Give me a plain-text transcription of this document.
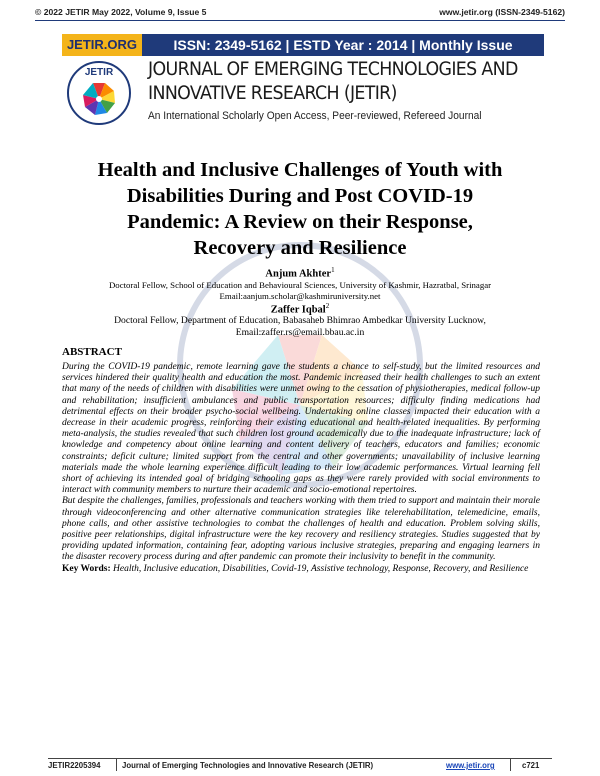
© 2022 JETIR May 2022, Volume 9, Issue 5	www.jetir.org (ISSN-2349-5162)
JETIR.ORG	ISSN: 2349-5162 | ESTD Year : 2014 | Monthly Issue
JETIR JOURNAL OF EMERGING TECHNOLOGIES AND
INNOVATIVE RESEARCH (JETIR)
An International Scholarly Open Access, Peer-reviewed, Refereed Journal
Health and Inclusive Challenges of Youth with
Disabilities During and Post COVID-19
Pandemic: A Review on their Response,
Recovery and Resilience
Anjum Akhter$^1$
Doctoral Fellow, School of Education and Behavioural Sciences, University of Kashmir, Hazratbal, Srinagar
Email:aanjum.scholar@kashmiruniversity.net
Zaffer Iqbal$^2$
Doctoral Fellow, Department of Education, Babasaheb Bhimrao Ambedkar University Lucknow,
Email:zaffer.rs@email.bbau.ac.in
ABSTRACT

During the COVID-19 pandemic, remote learning gave the students a chance to self-study, but the limited resources and services hindered their quality health and education the most. Pandemic increased their health challenges to such an extent that many of the needs of children with disabilities were unmet owing to the cessation of physiotherapies, medical follow-up and rehabilitation; insufficient ambulances and public transportation resources; difficulty finding medications had detrimental effects on their broader psycho-social wellbeing. Undertaking online classes impacted their education with a decrease in their academic progress, reinforcing their existing educational and health-related inequalities. By performing meta-analysis, the studies revealed that such children lost ground academically due to the inadequate infrastructure; lack of knowledge and competency about online learning and content delivery of teachers, educators and families; economic constraints; deficit culture; limited support from the central and other governments; unavailability of inclusive learning materials made the whole learning experience difficult leading to their low academic performances. Virtual learning fell short of achieving its intended goal of bridging schooling gaps as they were rarely provided with social environments to interact with community members to nurture their academic and socio-emotional repertoires.

But despite the challenges, families, professionals and teachers working with them tried to support and maintain their morale through videoconferencing and other alternative communication strategies like telerehabilitation, telemedicine, emails, phone calls, and other assistive technologies to combat the challenges of health and education. Problem solving skills, positive peer relationships, digital infrastructure were the key recovery and resiliency strategies. Studies suggested that by providing updated information, containing fear, adopting various inclusive strategies, preparing and engaging learners in the disaster recovery process during and after pandemic can promote their inclusivity to benefit in the community.

Key Words: Health, Inclusive education, Disabilities, Covid-19, Assistive technology, Response, Recovery, and Resilience
JETIR2205394	Journal of Emerging Technologies and Innovative Research (JETIR)	www.jetir.org	c721
